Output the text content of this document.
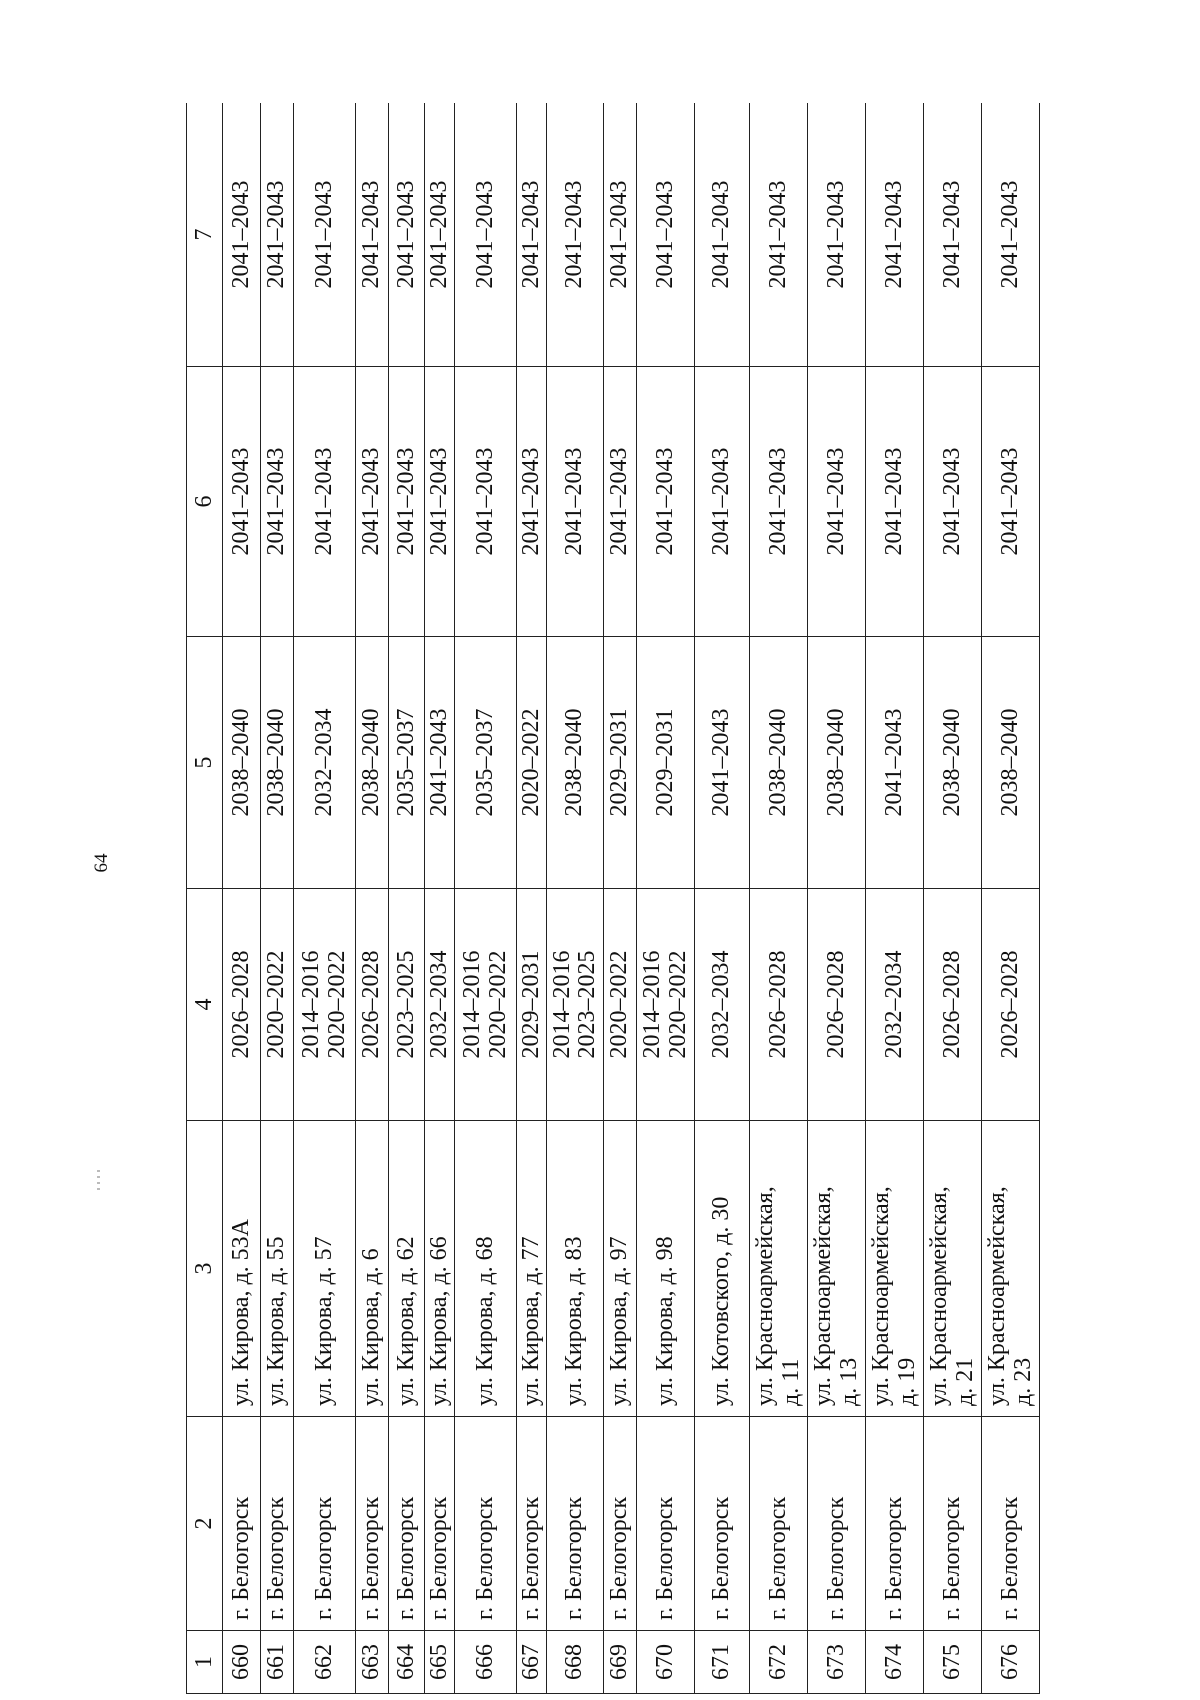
64
1	2	3	4	5	6	7
660	г. Белогорск	ул. Кирова, д. 53А	2026–2028	2038–2040	2041–2043	2041–2043
661	г. Белогорск	ул. Кирова, д. 55	2020–2022	2038–2040	2041–2043	2041–2043
662	г. Белогорск	ул. Кирова, д. 57	2014–2016
2020–2022	2032–2034	2041–2043	2041–2043
663	г. Белогорск	ул. Кирова, д. 6	2026–2028	2038–2040	2041–2043	2041–2043
664	г. Белогорск	ул. Кирова, д. 62	2023–2025	2035–2037	2041–2043	2041–2043
665	г. Белогорск	ул. Кирова, д. 66	2032–2034	2041–2043	2041–2043	2041–2043
666	г. Белогорск	ул. Кирова, д. 68	2014–2016
2020–2022	2035–2037	2041–2043	2041–2043
667	г. Белогорск	ул. Кирова, д. 77	2029–2031	2020–2022	2041–2043	2041–2043
668	г. Белогорск	ул. Кирова, д. 83	2014–2016
2023–2025	2038–2040	2041–2043	2041–2043
669	г. Белогорск	ул. Кирова, д. 97	2020–2022	2029–2031	2041–2043	2041–2043
670	г. Белогорск	ул. Кирова, д. 98	2014–2016
2020–2022	2029–2031	2041–2043	2041–2043
671	г. Белогорск	ул. Котовского, д. 30	2032–2034	2041–2043	2041–2043	2041–2043
672	г. Белогорск	ул. Красноармейская,
д. 11	2026–2028	2038–2040	2041–2043	2041–2043
673	г. Белогорск	ул. Красноармейская,
д. 13	2026–2028	2038–2040	2041–2043	2041–2043
674	г. Белогорск	ул. Красноармейская,
д. 19	2032–2034	2041–2043	2041–2043	2041–2043
675	г. Белогорск	ул. Красноармейская,
д. 21	2026–2028	2038–2040	2041–2043	2041–2043
676	г. Белогорск	ул. Красноармейская,
д. 23	2026–2028	2038–2040	2041–2043	2041–2043
